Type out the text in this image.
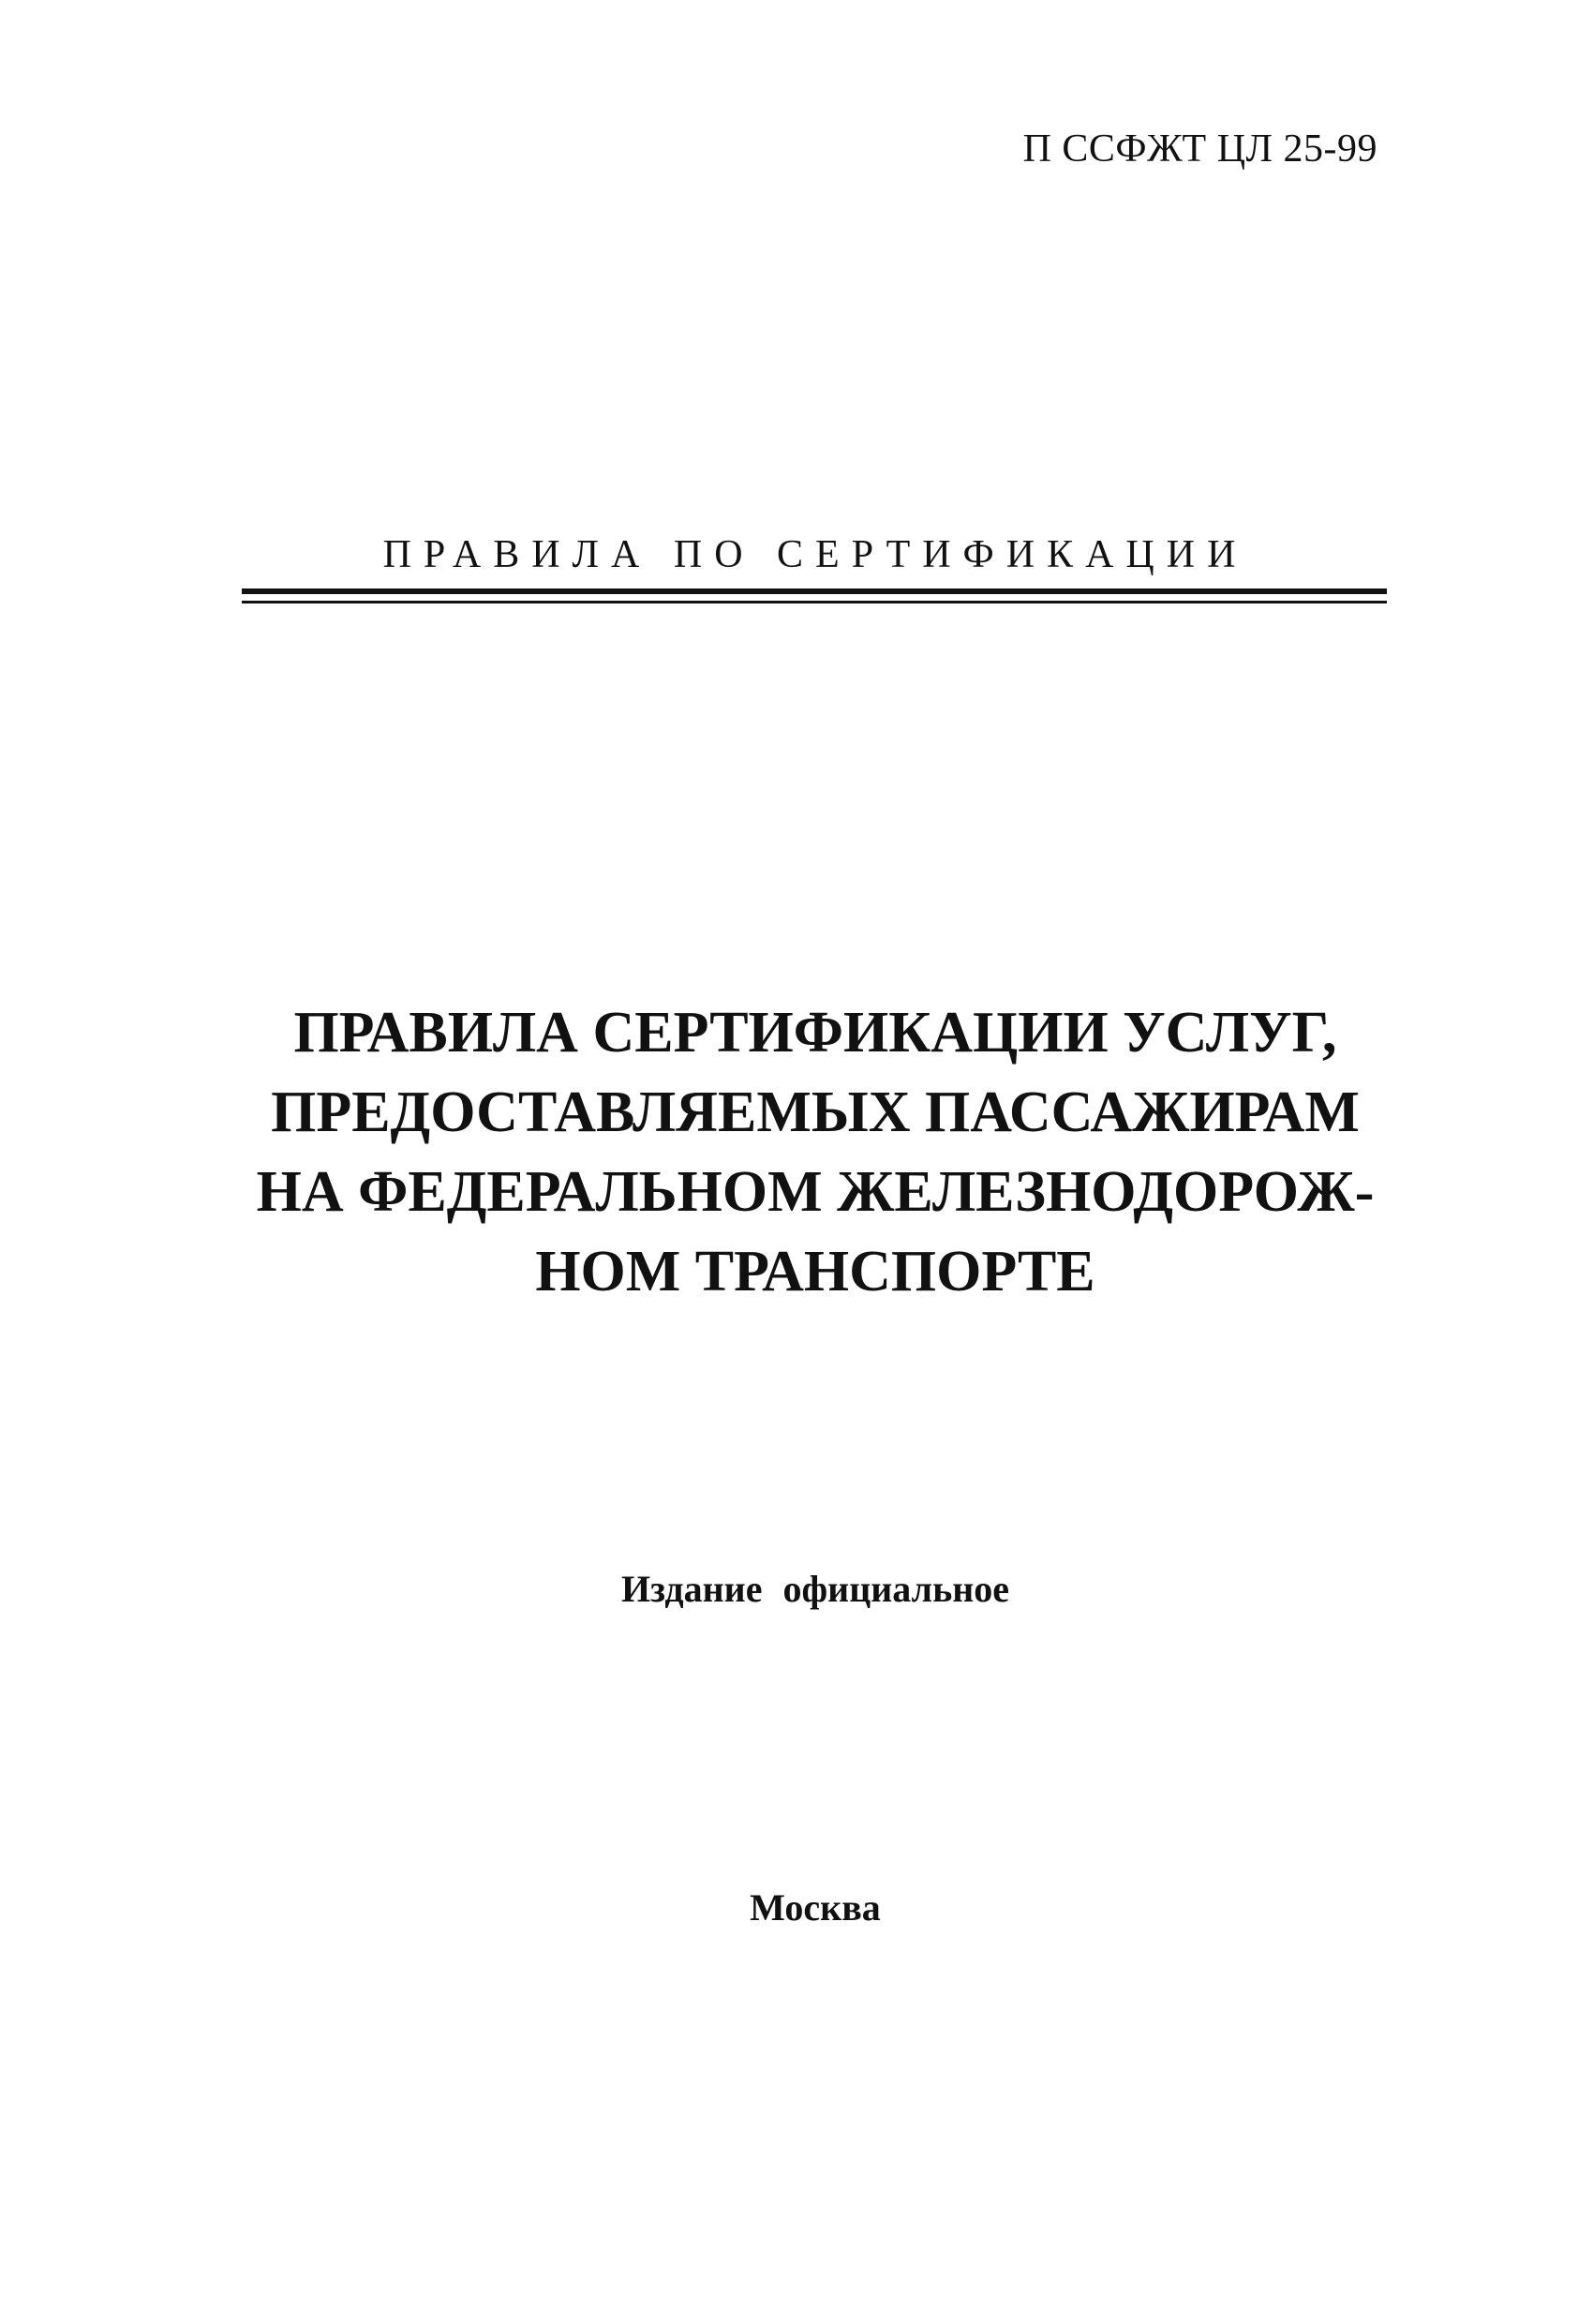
П ССФЖТ ЦЛ 25-99
ПРАВИЛА ПО СЕРТИФИКАЦИИ
ПРАВИЛА СЕРТИФИКАЦИИ УСЛУГ,
ПРЕДОСТАВЛЯЕМЫХ ПАССАЖИРАМ
НА ФЕДЕРАЛЬНОМ ЖЕЛЕЗНОДОРОЖ-
НОМ ТРАНСПОРТЕ
Издание официальное
Москва
